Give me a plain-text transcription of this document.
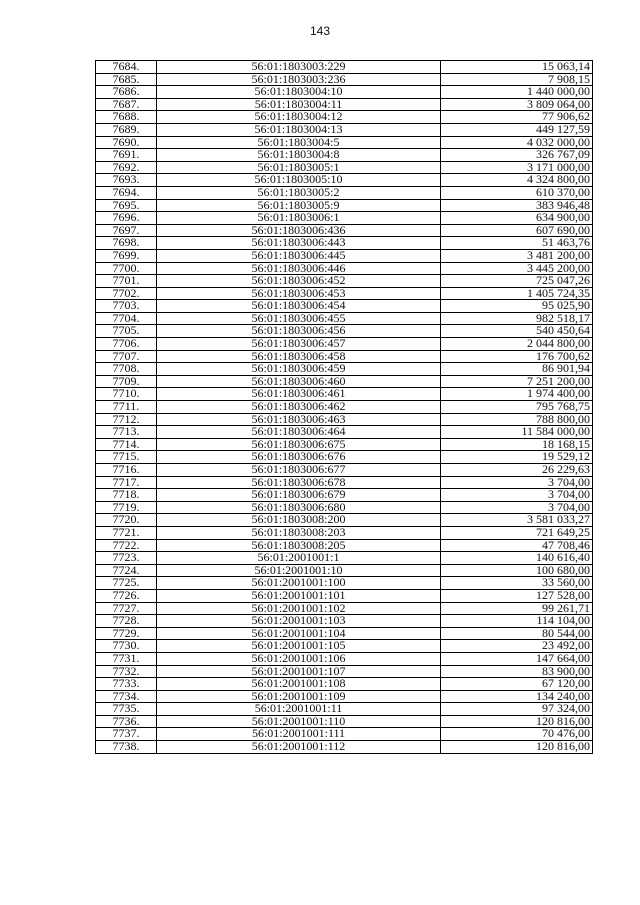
143
7684.	56:01:1803003:229	15 063,14
7685.	56:01:1803003:236	7 908,15
7686.	56:01:1803004:10	1 440 000,00
7687.	56:01:1803004:11	3 809 064,00
7688.	56:01:1803004:12	77 906,62
7689.	56:01:1803004:13	449 127,59
7690.	56:01:1803004:5	4 032 000,00
7691.	56:01:1803004:8	326 767,09
7692.	56:01:1803005:1	3 171 000,00
7693.	56:01:1803005:10	4 324 800,00
7694.	56:01:1803005:2	610 370,00
7695.	56:01:1803005:9	383 946,48
7696.	56:01:1803006:1	634 900,00
7697.	56:01:1803006:436	607 690,00
7698.	56:01:1803006:443	51 463,76
7699.	56:01:1803006:445	3 481 200,00
7700.	56:01:1803006:446	3 445 200,00
7701.	56:01:1803006:452	725 047,26
7702.	56:01:1803006:453	1 405 724,35
7703.	56:01:1803006:454	95 025,90
7704.	56:01:1803006:455	982 518,17
7705.	56:01:1803006:456	540 450,64
7706.	56:01:1803006:457	2 044 800,00
7707.	56:01:1803006:458	176 700,62
7708.	56:01:1803006:459	86 901,94
7709.	56:01:1803006:460	7 251 200,00
7710.	56:01:1803006:461	1 974 400,00
7711.	56:01:1803006:462	795 768,75
7712.	56:01:1803006:463	788 800,00
7713.	56:01:1803006:464	11 584 000,00
7714.	56:01:1803006:675	18 168,15
7715.	56:01:1803006:676	19 529,12
7716.	56:01:1803006:677	26 229,63
7717.	56:01:1803006:678	3 704,00
7718.	56:01:1803006:679	3 704,00
7719.	56:01:1803006:680	3 704,00
7720.	56:01:1803008:200	3 581 033,27
7721.	56:01:1803008:203	721 649,25
7722.	56:01:1803008:205	47 708,46
7723.	56:01:2001001:1	140 616,40
7724.	56:01:2001001:10	100 680,00
7725.	56:01:2001001:100	33 560,00
7726.	56:01:2001001:101	127 528,00
7727.	56:01:2001001:102	99 261,71
7728.	56:01:2001001:103	114 104,00
7729.	56:01:2001001:104	80 544,00
7730.	56:01:2001001:105	23 492,00
7731.	56:01:2001001:106	147 664,00
7732.	56:01:2001001:107	83 900,00
7733.	56:01:2001001:108	67 120,00
7734.	56:01:2001001:109	134 240,00
7735.	56:01:2001001:11	97 324,00
7736.	56:01:2001001:110	120 816,00
7737.	56:01:2001001:111	70 476,00
7738.	56:01:2001001:112	120 816,00
